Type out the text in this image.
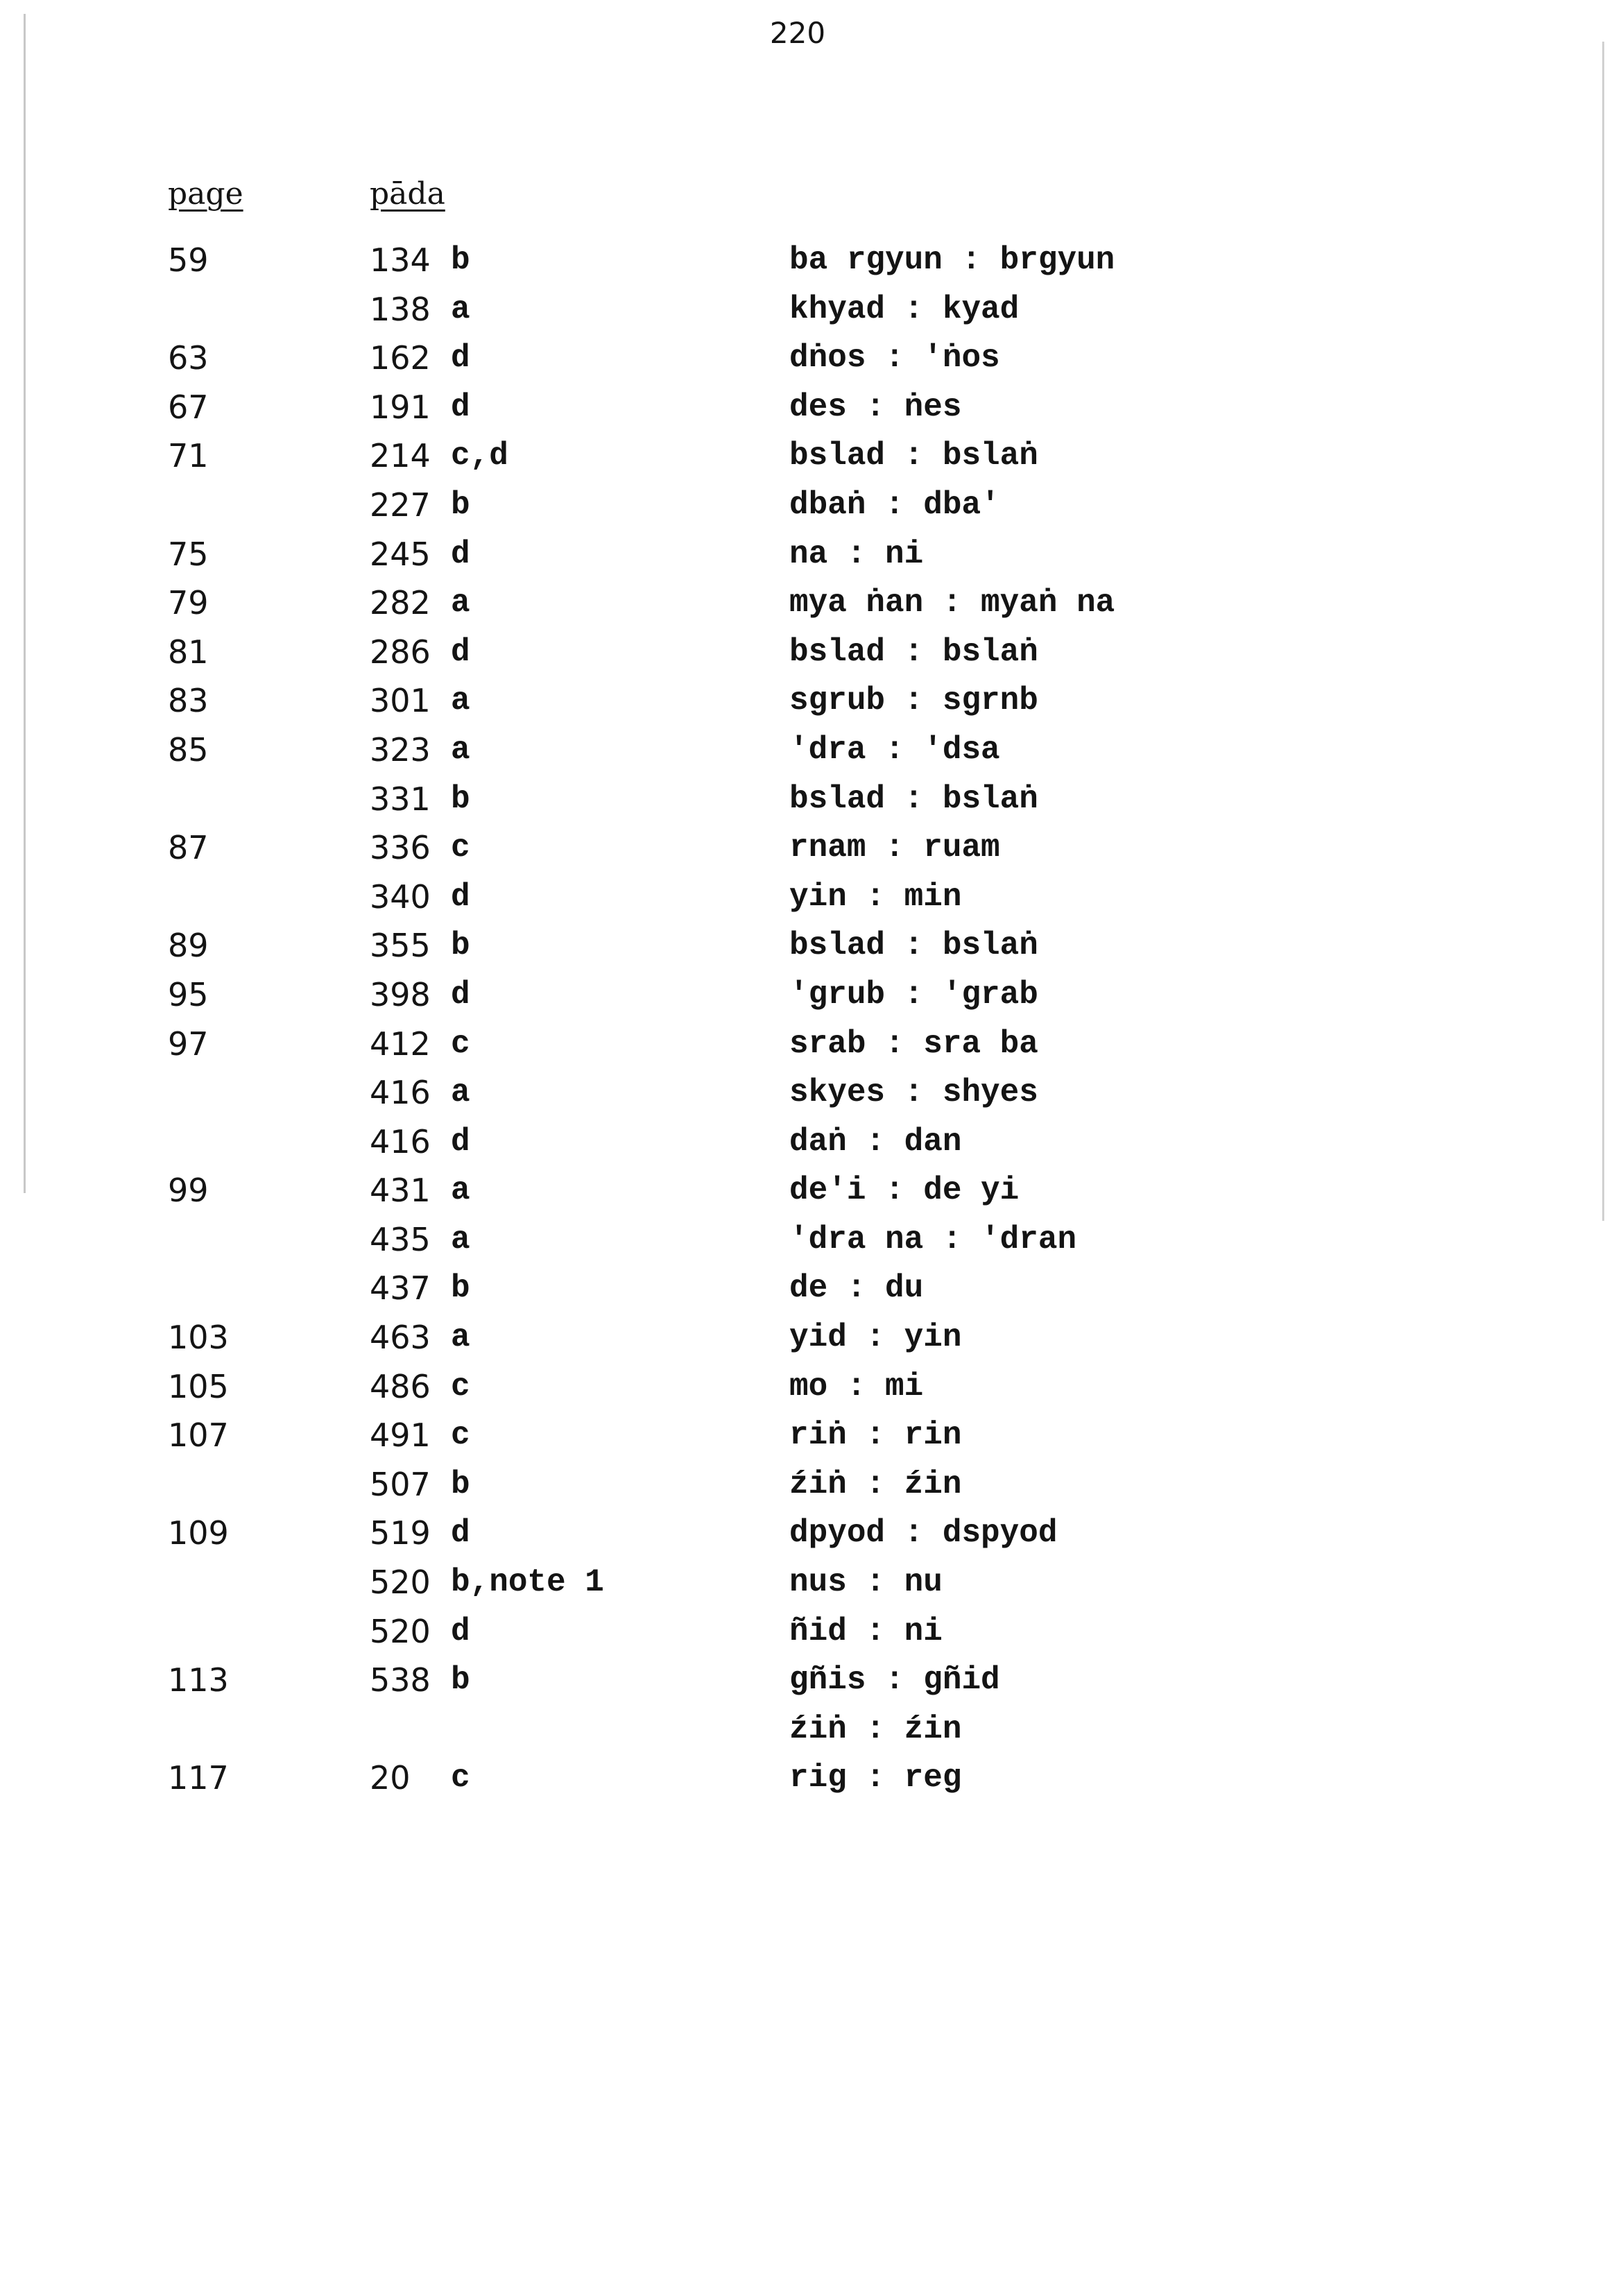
220
page	pāda
59	134 b	ba rgyun : brgyun
138 a	khyad : kyad
63	162 d	dṅos : 'ṅos
67	191 d	des : ṅes
71	214 c,d	bslad : bslaṅ
227 b	dbaṅ : dba'
75	245 d	na : ni
79	282 a	mya ṅan : myaṅ na
81	286 d	bslad : bslaṅ
83	301 a	sgrub : sgrnb
85	323 a	'dra : 'dsa
331 b	bslad : bslaṅ
87	336 c	rnam : ruam
340 d	yin : min
89	355 b	bslad : bslaṅ
95	398 d	'grub : 'grab
97	412 c	srab : sra ba
416 a	skyes : shyes
416 d	daṅ : dan
99	431 a	de'i : de yi
435 a	'dra na : 'dran
437 b	de : du
103	463 a	yid : yin
105	486 c	mo : mi
107	491 c	riṅ : rin
507 b	źiṅ : źin
109	519 d	dpyod : dspyod
520 b,note 1	nus : nu
520 d	ñid : ni
113	538 b	gñis : gñid
źiṅ : źin
117	20 c	rig : reg
